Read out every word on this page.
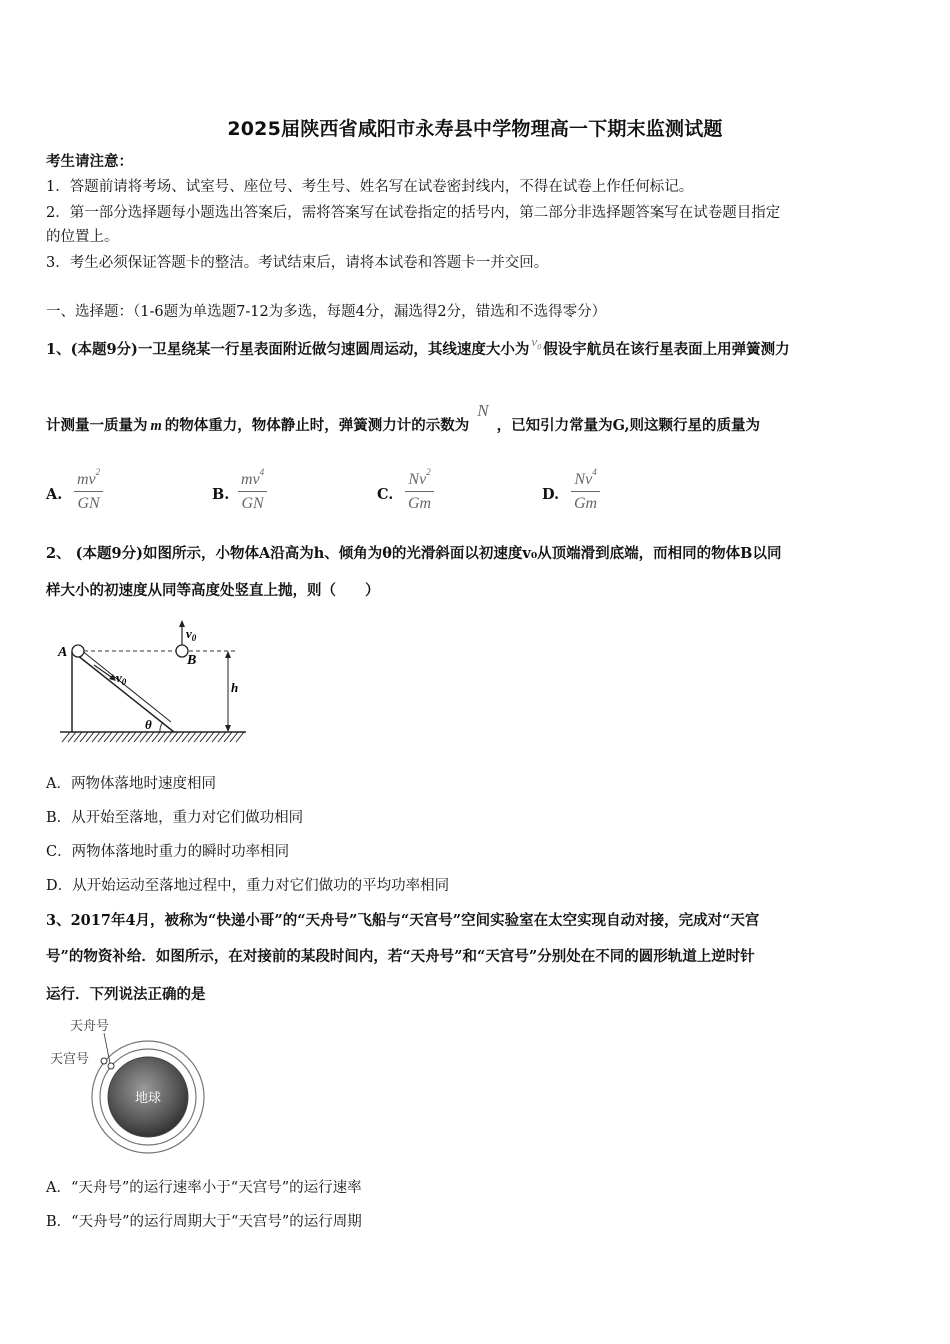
2025届陕西省咸阳市永寿县中学物理高一下期末监测试题
考生请注意：
1．答题前请将考场、试室号、座位号、考生号、姓名写在试卷密封线内，不得在试卷上作任何标记。
2．第一部分选择题每小题选出答案后，需将答案写在试卷指定的括号内，第二部分非选择题答案写在试卷题目指定
的位置上。
3．考生必须保证答题卡的整洁。考试结束后，请将本试卷和答题卡一并交回。
一、选择题：（1-6题为单选题7-12为多选，每题4分，漏选得2分，错选和不选得零分）
1、(本题9分)一卫星绕某一行星表面附近做匀速圆周运动，其线速度大小为 $v_0$ 假设宇航员在该行星表面上用弹簧测力
计测量一质量为 m 的物体重力，物体静止时，弹簧测力计的示数为N，已知引力常量为G,则这颗行星的质量为
A. $\frac{mv^2}{GN}$	B. $\frac{mv^4}{GN}$	C. $\frac{Nv^2}{Gm}$	D. $\frac{Nv^4}{Gm}$
2、 (本题9分)如图所示，小物体A沿高为h、倾角为θ的光滑斜面以初速度v₀从顶端滑到底端，而相同的物体B以同
样大小的初速度从同等高度处竖直上抛，则（　　）
A
$v_0$
$v_0$
B
h
θ
A．两物体落地时速度相同
B．从开始至落地，重力对它们做功相同
C．两物体落地时重力的瞬时功率相同
D．从开始运动至落地过程中，重力对它们做功的平均功率相同
3、2017年4月，被称为“快递小哥”的“天舟号”飞船与“天宫号”空间实验室在太空实现自动对接，完成对“天宫
号”的物资补给．如图所示，在对接前的某段时间内，若“天舟号”和“天宫号”分别处在不同的圆形轨道上逆时针
运行．下列说法正确的是
地球
天舟号
天宫号
A．“天舟号”的运行速率小于“天宫号”的运行速率
B．“天舟号”的运行周期大于“天宫号”的运行周期
